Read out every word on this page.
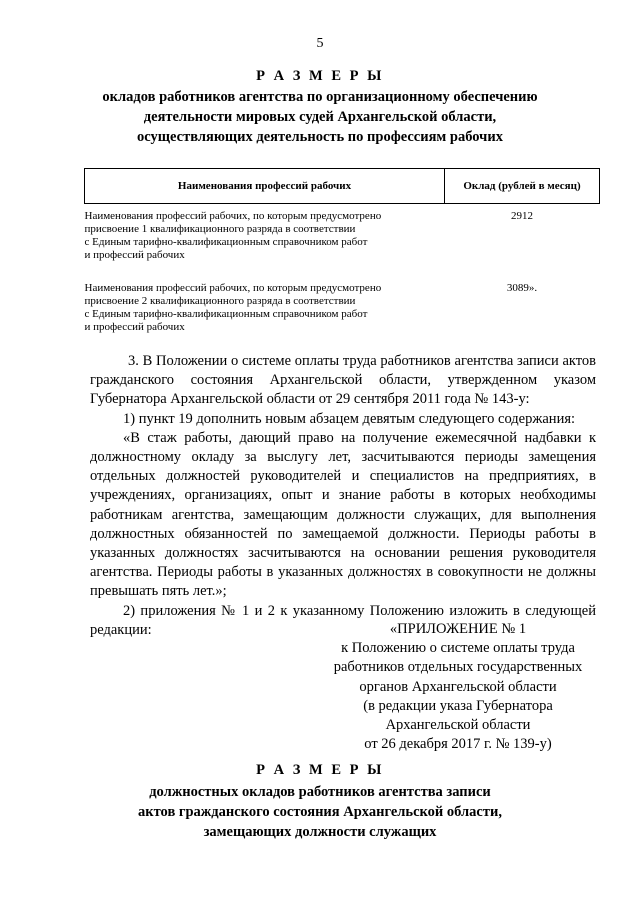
5
Р А З М Е Р Ы
окладов работников агентства по организационному обеспечению
деятельности мировых судей Архангельской области,
осуществляющих деятельность по профессиям рабочих
Наименования профессий рабочих	Оклад (рублей в месяц)

Наименования профессий рабочих, по которым предусмотрено
присвоение 1 квалификационного разряда в соответствии
с Единым тарифно-квалификационным справочником работ
и профессий рабочих	2912

Наименования профессий рабочих, по которым предусмотрено
присвоение 2 квалификационного разряда в соответствии
с Единым тарифно-квалификационным справочником работ
и профессий рабочих	3089».

3. В Положении о системе оплаты труда работников агентства записи актов гражданского состояния Архангельской области, утвержденном указом Губернатора Архангельской области от 29 сентября 2011 года № 143-у:

1) пункт 19 дополнить новым абзацем девятым следующего содержания:

«В стаж работы, дающий право на получение ежемесячной надбавки к должностному окладу за выслугу лет, засчитываются периоды замещения отдельных должностей руководителей и специалистов на предприятиях, в учреждениях, организациях, опыт и знание работы в которых необходимы работникам агентства, замещающим должности служащих, для выполнения должностных обязанностей по замещаемой должности. Периоды работы в указанных должностях засчитываются на основании решения руководителя агентства. Периоды работы в указанных должностях в совокупности не должны превышать пять лет.»;

2) приложения № 1 и 2 к указанному Положению изложить в следующей редакции:	«ПРИЛОЖЕНИЕ № 1
к Положению о системе оплаты труда
работников отдельных государственных
органов Архангельской области
(в редакции указа Губернатора
Архангельской области
от 26 декабря 2017 г. № 139-у)
Р А З М Е Р Ы
должностных окладов работников агентства записи
актов гражданского состояния Архангельской области,
замещающих должности служащих
